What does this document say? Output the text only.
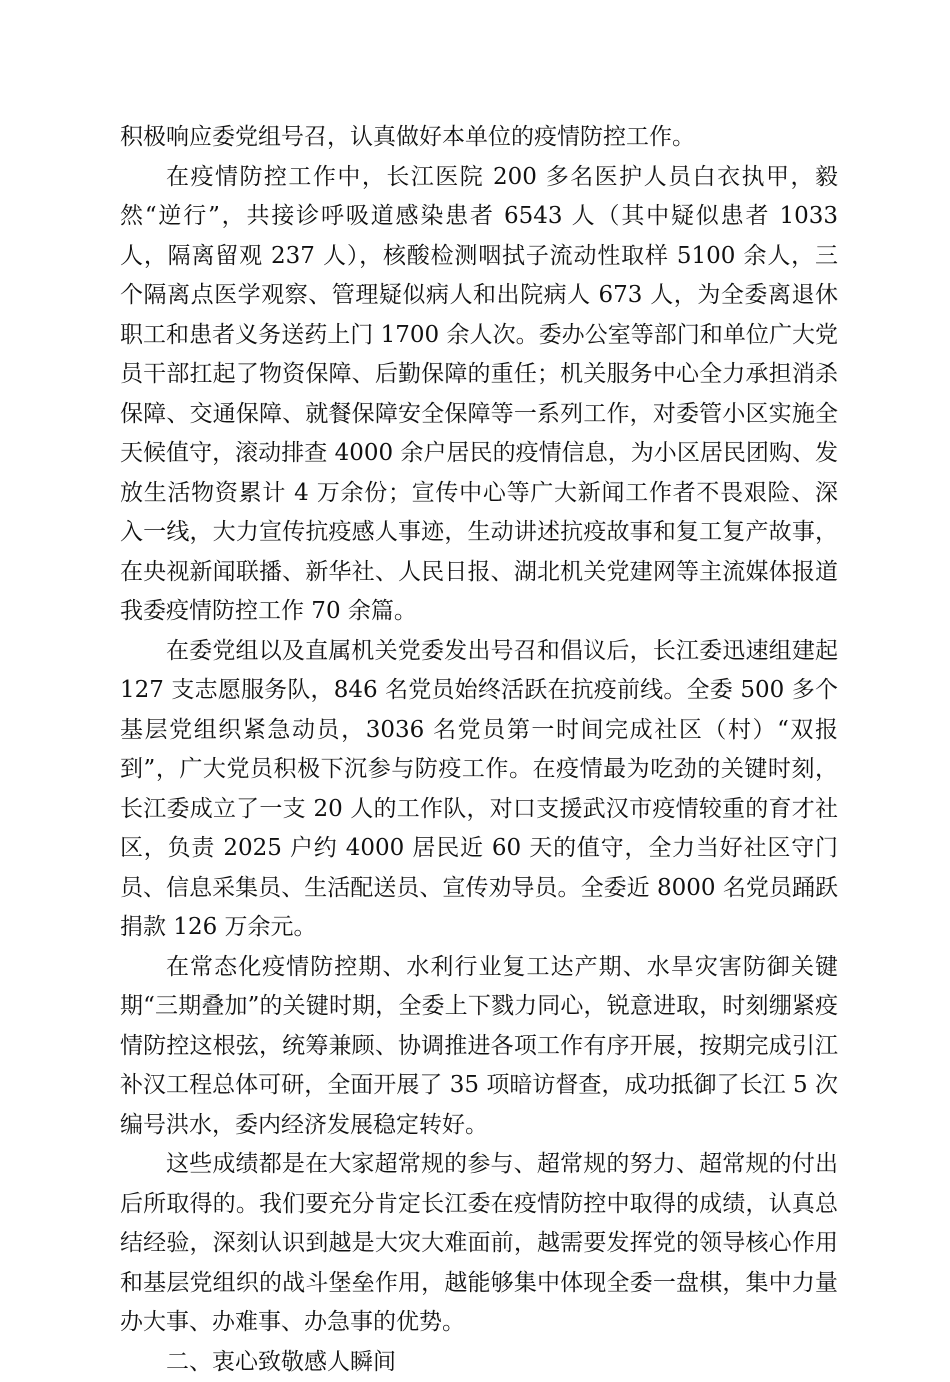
积极响应委党组号召，认真做好本单位的疫情防控工作。

在疫情防控工作中，长江医院 200 多名医护人员白衣执甲，毅然“逆行”，共接诊呼吸道感染患者 6543 人（其中疑似患者 1033 人，隔离留观 237 人），核酸检测咽拭子流动性取样 5100 余人，三个隔离点医学观察、管理疑似病人和出院病人 673 人，为全委离退休职工和患者义务送药上门 1700 余人次。委办公室等部门和单位广大党员干部扛起了物资保障、后勤保障的重任；机关服务中心全力承担消杀保障、交通保障、就餐保障安全保障等一系列工作，对委管小区实施全天候值守，滚动排查 4000 余户居民的疫情信息，为小区居民团购、发放生活物资累计 4 万余份；宣传中心等广大新闻工作者不畏艰险、深入一线，大力宣传抗疫感人事迹，生动讲述抗疫故事和复工复产故事，在央视新闻联播、新华社、人民日报、湖北机关党建网等主流媒体报道我委疫情防控工作 70 余篇。

在委党组以及直属机关党委发出号召和倡议后，长江委迅速组建起 127 支志愿服务队，846 名党员始终活跃在抗疫前线。全委 500 多个基层党组织紧急动员，3036 名党员第一时间完成社区（村）“双报到”，广大党员积极下沉参与防疫工作。在疫情最为吃劲的关键时刻，长江委成立了一支 20 人的工作队，对口支援武汉市疫情较重的育才社区，负责 2025 户约 4000 居民近 60 天的值守，全力当好社区守门员、信息采集员、生活配送员、宣传劝导员。全委近 8000 名党员踊跃捐款 126 万余元。

在常态化疫情防控期、水利行业复工达产期、水旱灾害防御关键期“三期叠加”的关键时期，全委上下戮力同心，锐意进取，时刻绷紧疫情防控这根弦，统筹兼顾、协调推进各项工作有序开展，按期完成引江补汉工程总体可研，全面开展了 35 项暗访督查，成功抵御了长江 5 次编号洪水，委内经济发展稳定转好。

这些成绩都是在大家超常规的参与、超常规的努力、超常规的付出后所取得的。我们要充分肯定长江委在疫情防控中取得的成绩，认真总结经验，深刻认识到越是大灾大难面前，越需要发挥党的领导核心作用和基层党组织的战斗堡垒作用，越能够集中体现全委一盘棋，集中力量办大事、办难事、办急事的优势。

二、衷心致敬感人瞬间
